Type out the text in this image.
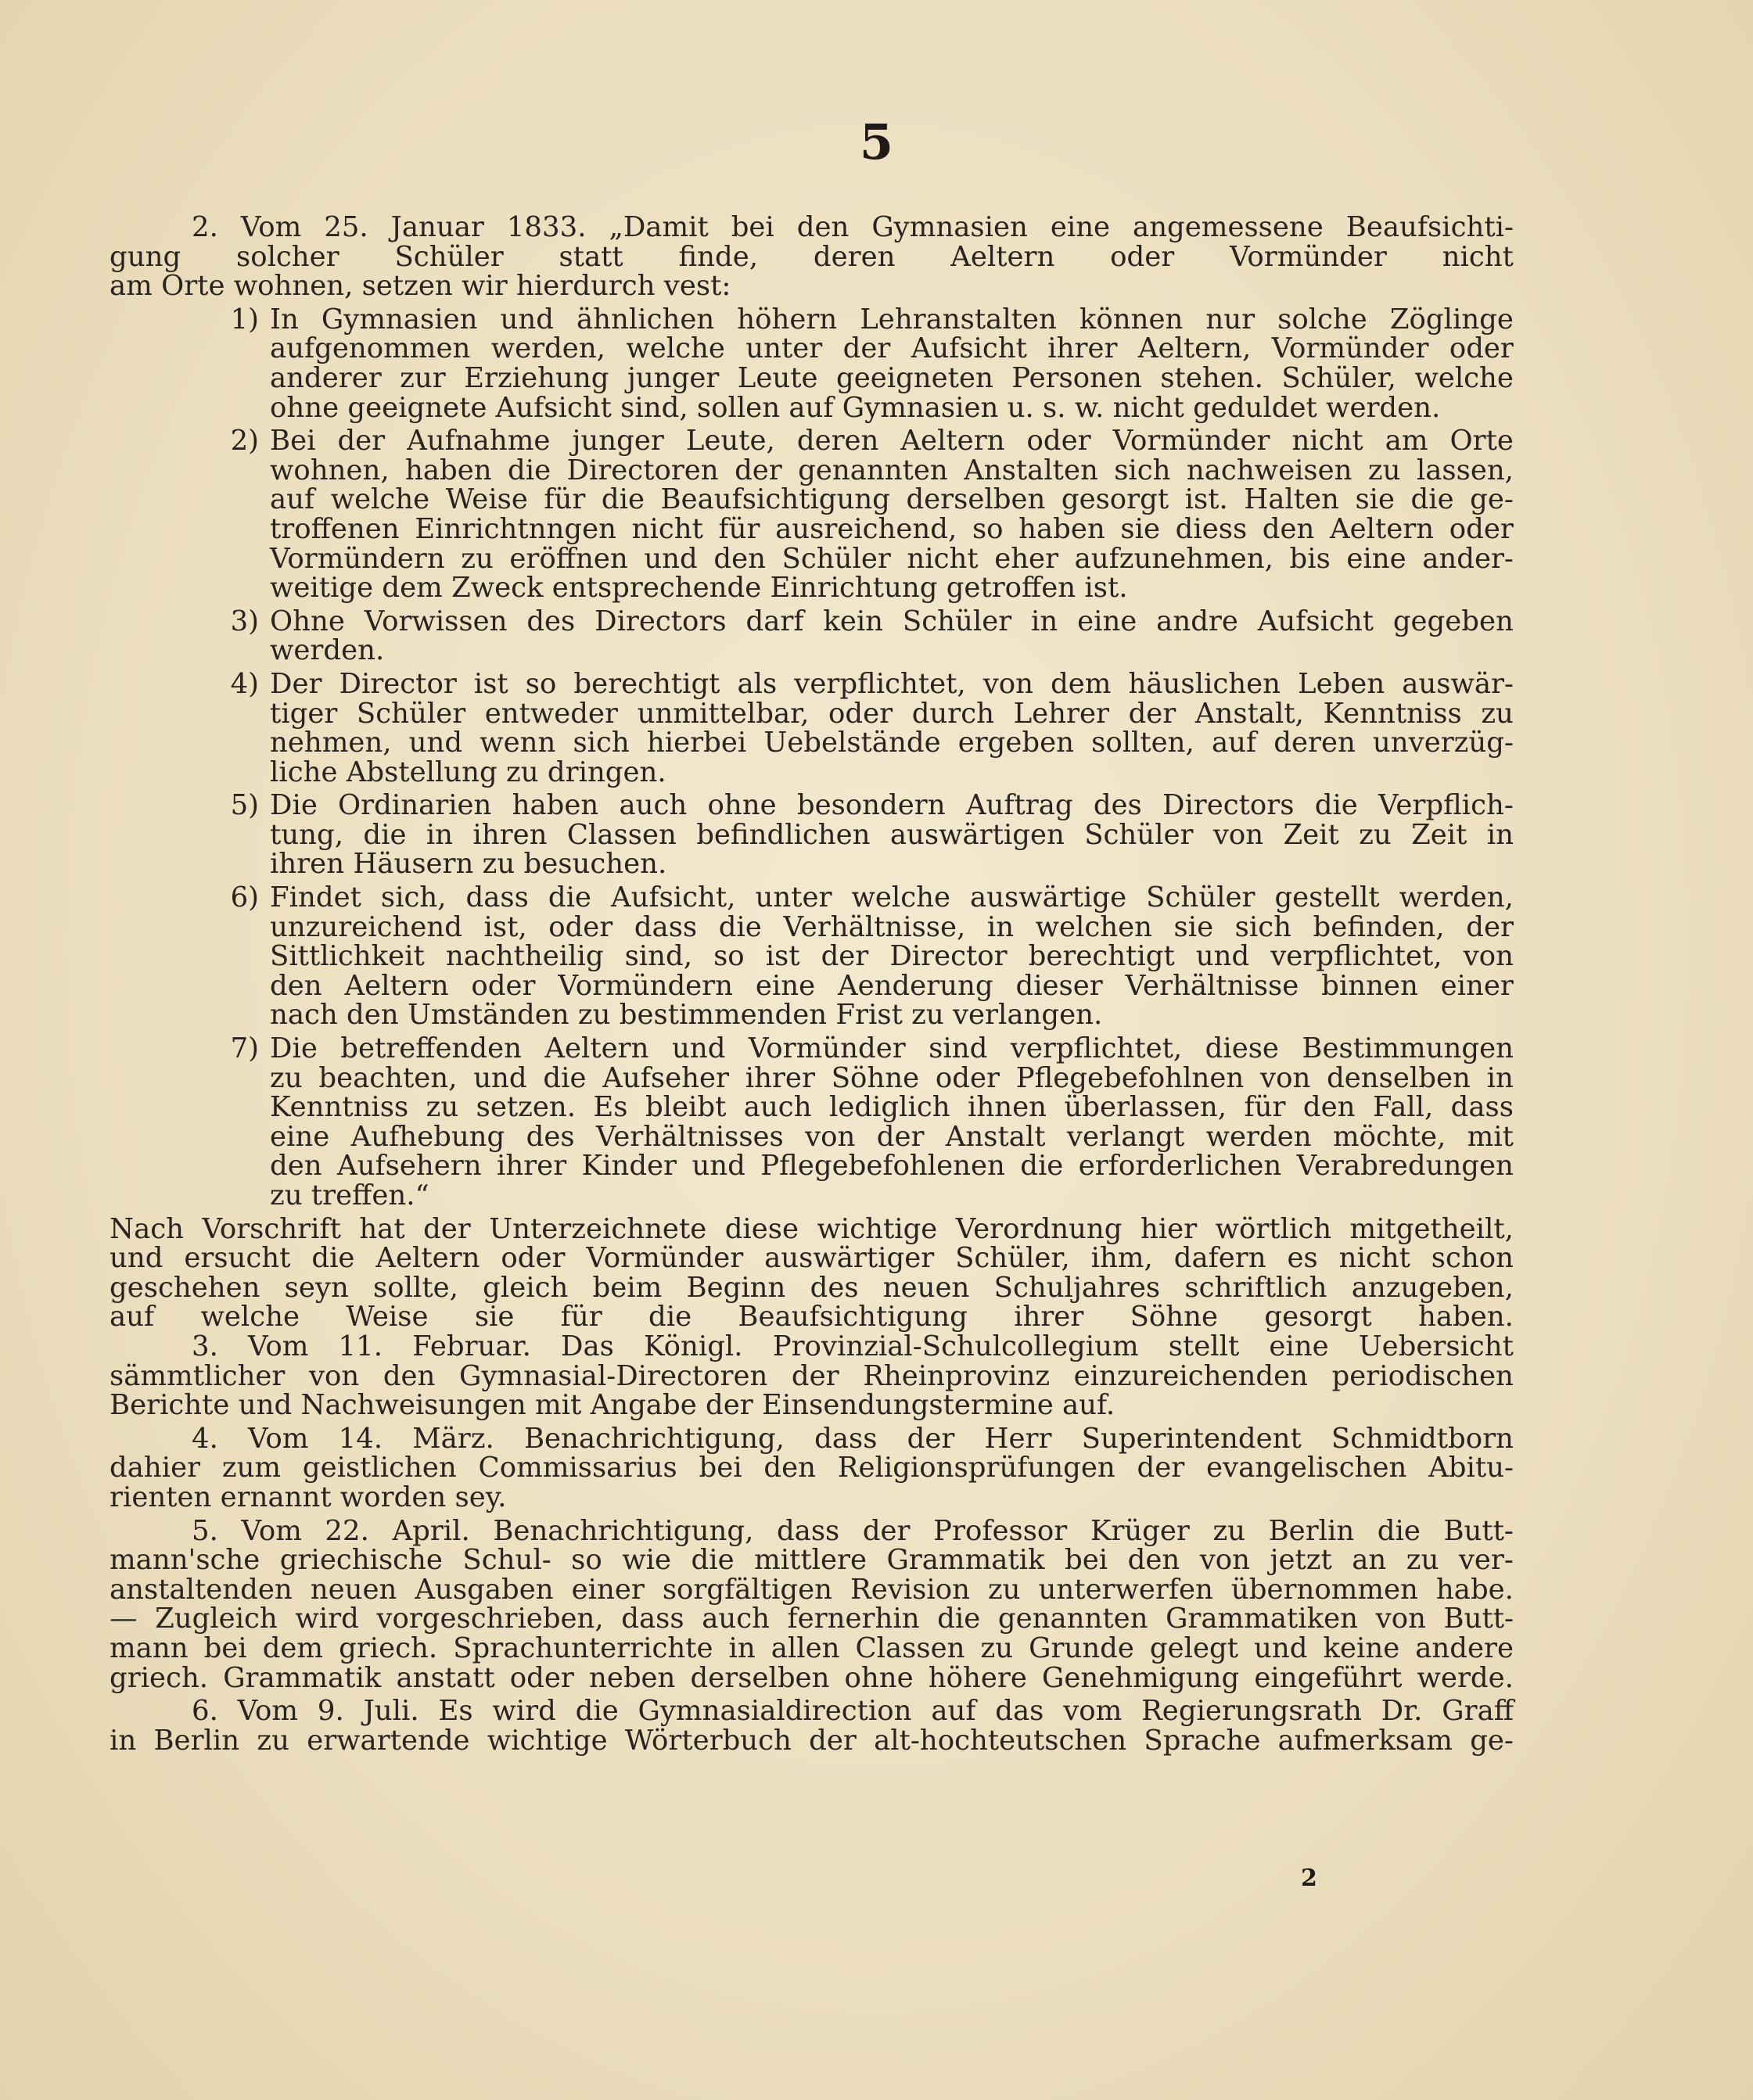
5
2. Vom 25. Januar 1833. „Damit bei den Gymnasien eine angemessene Beaufsichti-
gung solcher Schüler statt finde, deren Aeltern oder Vormünder nicht
am Orte wohnen, setzen wir hierdurch vest:
1) In Gymnasien und ähnlichen höhern Lehranstalten können nur solche Zöglinge
aufgenommen werden, welche unter der Aufsicht ihrer Aeltern, Vormünder oder
anderer zur Erziehung junger Leute geeigneten Personen stehen. Schüler, welche
ohne geeignete Aufsicht sind, sollen auf Gymnasien u. s. w. nicht geduldet werden.
2) Bei der Aufnahme junger Leute, deren Aeltern oder Vormünder nicht am Orte
wohnen, haben die Directoren der genannten Anstalten sich nachweisen zu lassen,
auf welche Weise für die Beaufsichtigung derselben gesorgt ist. Halten sie die ge-
troffenen Einrichtnngen nicht für ausreichend, so haben sie diess den Aeltern oder
Vormündern zu eröffnen und den Schüler nicht eher aufzunehmen, bis eine ander-
weitige dem Zweck entsprechende Einrichtung getroffen ist.
3) Ohne Vorwissen des Directors darf kein Schüler in eine andre Aufsicht gegeben
werden.
4) Der Director ist so berechtigt als verpflichtet, von dem häuslichen Leben auswär-
tiger Schüler entweder unmittelbar, oder durch Lehrer der Anstalt, Kenntniss zu
nehmen, und wenn sich hierbei Uebelstände ergeben sollten, auf deren unverzüg-
liche Abstellung zu dringen.
5) Die Ordinarien haben auch ohne besondern Auftrag des Directors die Verpflich-
tung, die in ihren Classen befindlichen auswärtigen Schüler von Zeit zu Zeit in
ihren Häusern zu besuchen.
6) Findet sich, dass die Aufsicht, unter welche auswärtige Schüler gestellt werden,
unzureichend ist, oder dass die Verhältnisse, in welchen sie sich befinden, der
Sittlichkeit nachtheilig sind, so ist der Director berechtigt und verpflichtet, von
den Aeltern oder Vormündern eine Aenderung dieser Verhältnisse binnen einer
nach den Umständen zu bestimmenden Frist zu verlangen.
7) Die betreffenden Aeltern und Vormünder sind verpflichtet, diese Bestimmungen
zu beachten, und die Aufseher ihrer Söhne oder Pflegebefohlnen von denselben in
Kenntniss zu setzen. Es bleibt auch lediglich ihnen überlassen, für den Fall, dass
eine Aufhebung des Verhältnisses von der Anstalt verlangt werden möchte, mit
den Aufsehern ihrer Kinder und Pflegebefohlenen die erforderlichen Verabredungen
zu treffen.“
Nach Vorschrift hat der Unterzeichnete diese wichtige Verordnung hier wörtlich mitgetheilt,
und ersucht die Aeltern oder Vormünder auswärtiger Schüler, ihm, dafern es nicht schon
geschehen seyn sollte, gleich beim Beginn des neuen Schuljahres schriftlich anzugeben,
auf welche Weise sie für die Beaufsichtigung ihrer Söhne gesorgt haben.
3. Vom 11. Februar. Das Königl. Provinzial-Schulcollegium stellt eine Uebersicht
sämmtlicher von den Gymnasial-Directoren der Rheinprovinz einzureichenden periodischen
Berichte und Nachweisungen mit Angabe der Einsendungstermine auf.
4. Vom 14. März. Benachrichtigung, dass der Herr Superintendent Schmidtborn
dahier zum geistlichen Commissarius bei den Religionsprüfungen der evangelischen Abitu-
rienten ernannt worden sey.
5. Vom 22. April. Benachrichtigung, dass der Professor Krüger zu Berlin die Butt-
mann'sche griechische Schul- so wie die mittlere Grammatik bei den von jetzt an zu ver-
anstaltenden neuen Ausgaben einer sorgfältigen Revision zu unterwerfen übernommen habe.
— Zugleich wird vorgeschrieben, dass auch fernerhin die genannten Grammatiken von Butt-
mann bei dem griech. Sprachunterrichte in allen Classen zu Grunde gelegt und keine andere
griech. Grammatik anstatt oder neben derselben ohne höhere Genehmigung eingeführt werde.
6. Vom 9. Juli. Es wird die Gymnasialdirection auf das vom Regierungsrath Dr. Graff
in Berlin zu erwartende wichtige Wörterbuch der alt-hochteutschen Sprache aufmerksam ge-
2
